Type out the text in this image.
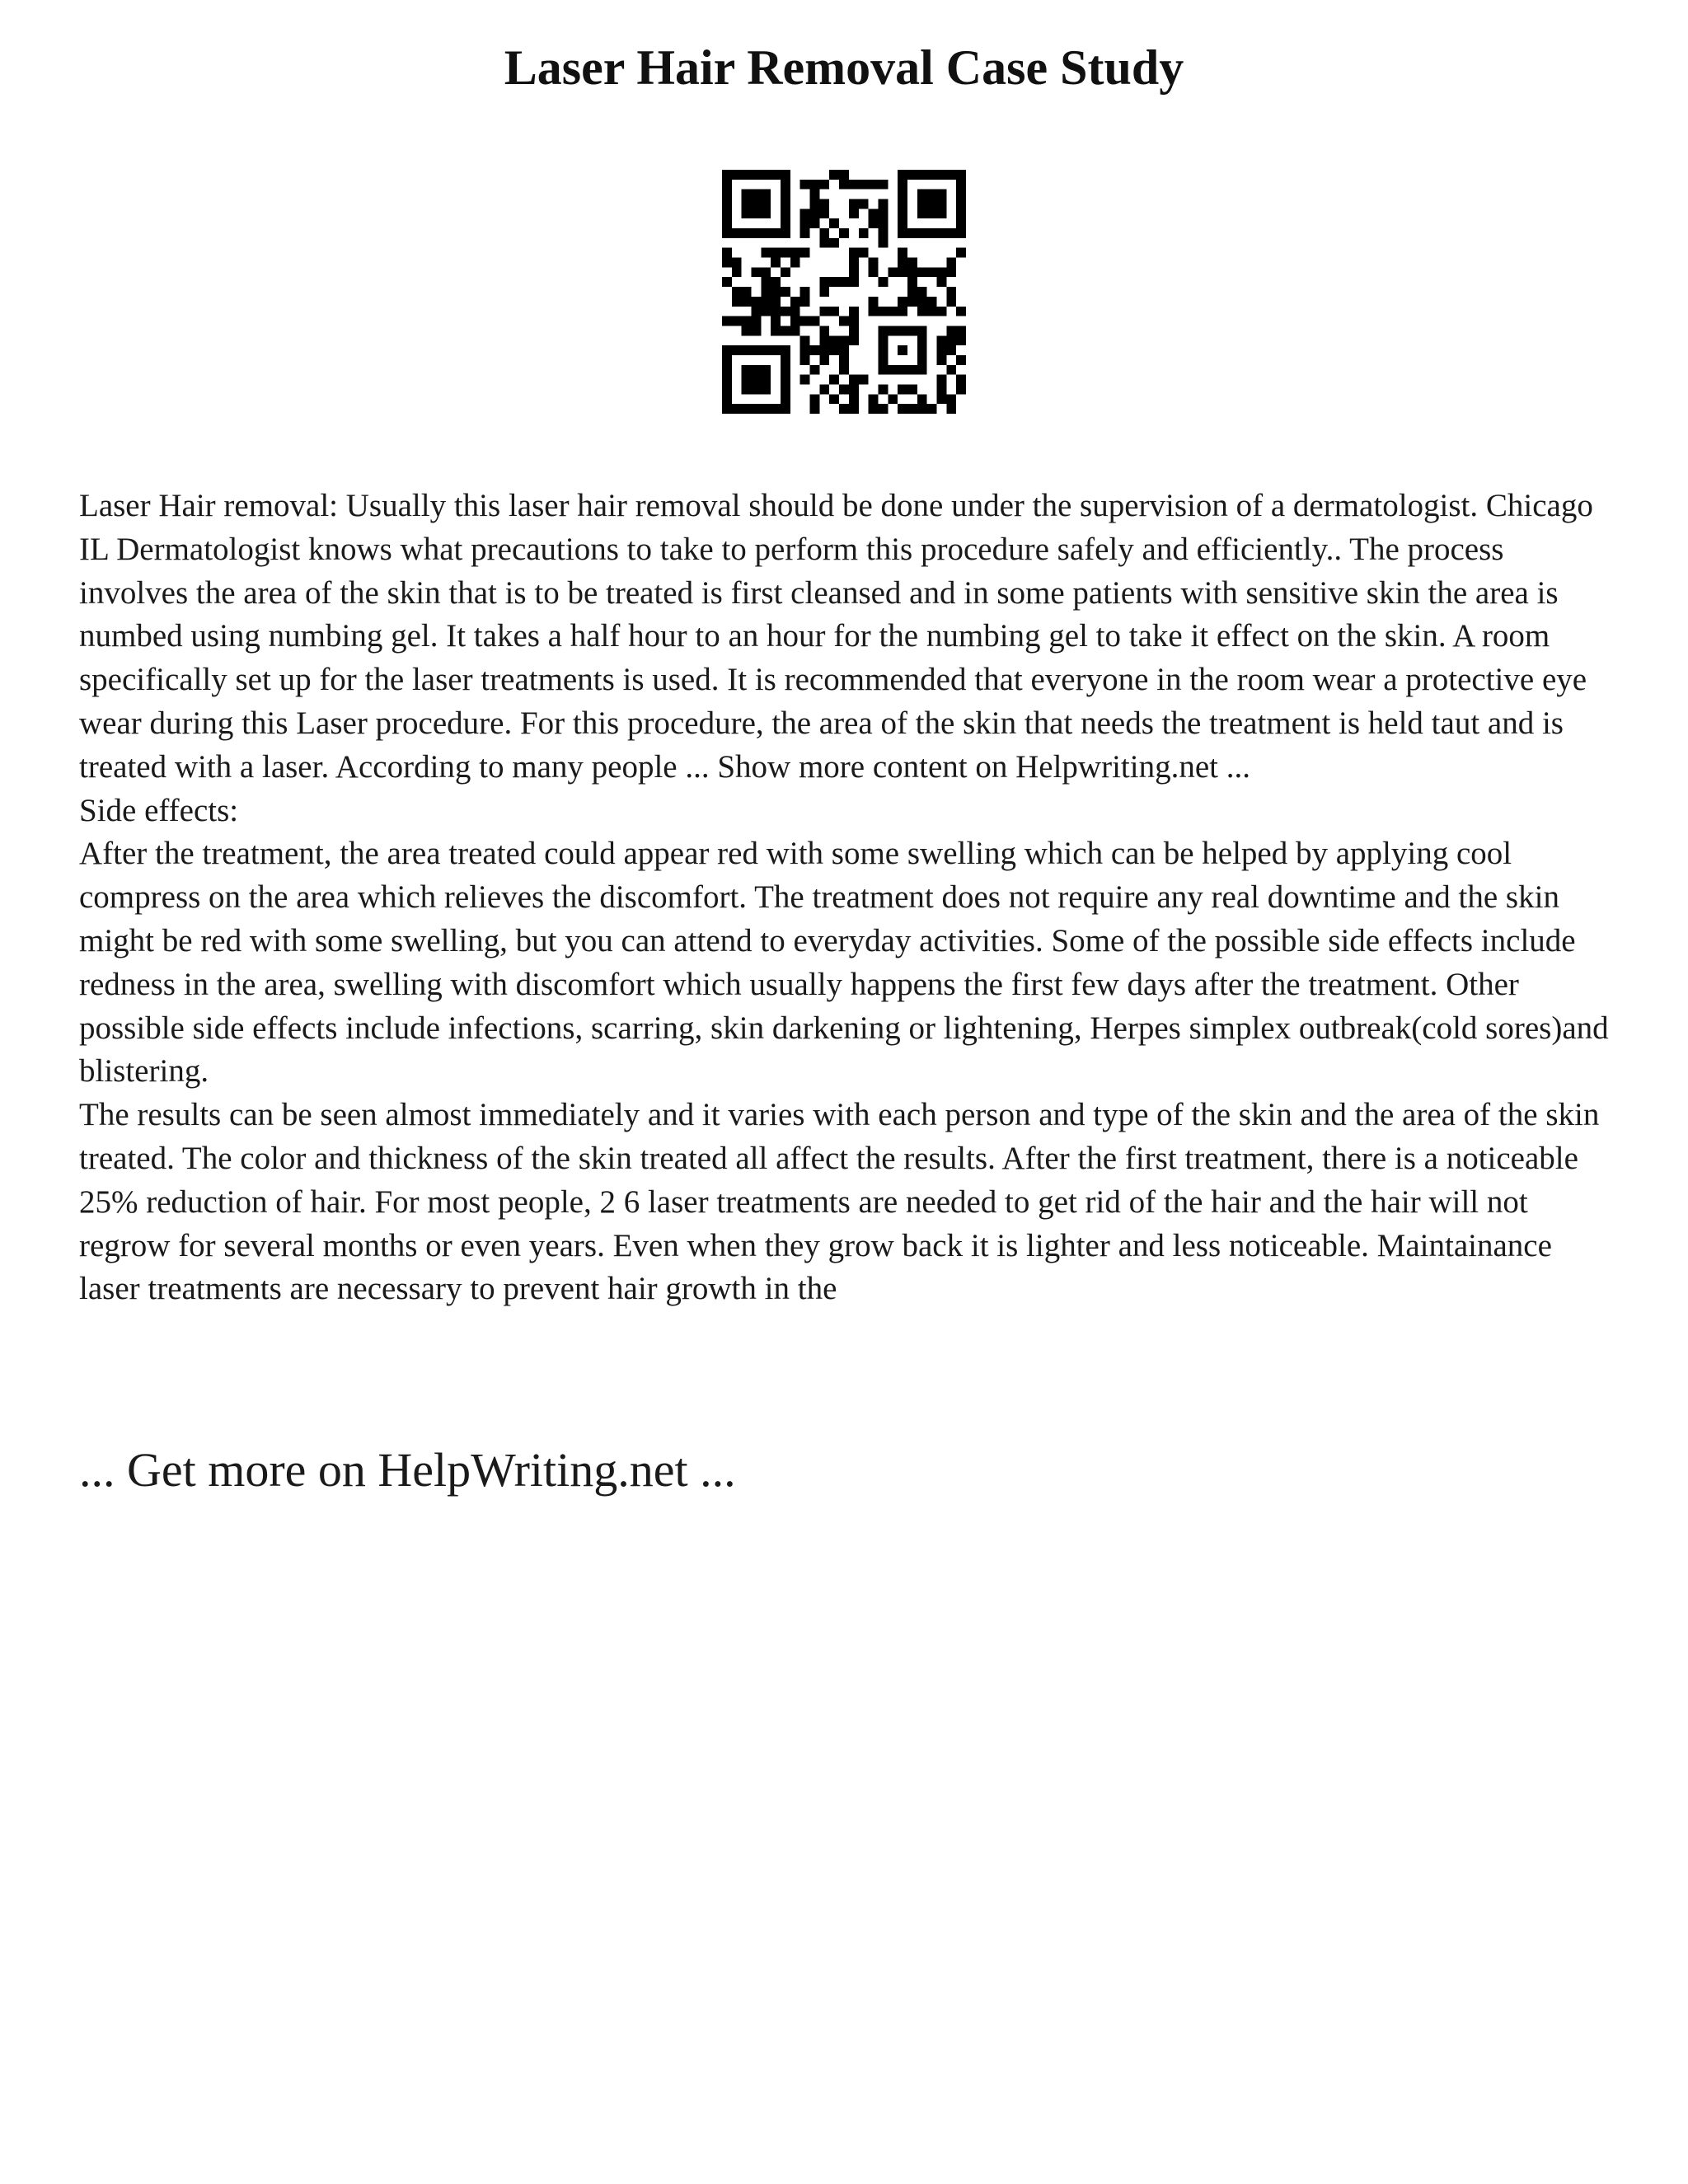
Laser Hair Removal Case Study

Laser Hair removal: Usually this laser hair removal should be done under the supervision of a dermatologist. Chicago IL Dermatologist knows what precautions to take to perform this procedure safely and efficiently.. The process involves the area of the skin that is to be treated is first cleansed and in some patients with sensitive skin the area is numbed using numbing gel. It takes a half hour to an hour for the numbing gel to take it effect on the skin. A room specifically set up for the laser treatments is used. It is recommended that everyone in the room wear a protective eye wear during this Laser procedure. For this procedure, the area of the skin that needs the treatment is held taut and is treated with a laser. According to many people ... Show more content on Helpwriting.net ...

Side effects:

After the treatment, the area treated could appear red with some swelling which can be helped by applying cool compress on the area which relieves the discomfort. The treatment does not require any real downtime and the skin might be red with some swelling, but you can attend to everyday activities. Some of the possible side effects include redness in the area, swelling with discomfort which usually happens the first few days after the treatment. Other possible side effects include infections, scarring, skin darkening or lightening, Herpes simplex outbreak(cold sores)and blistering.

The results can be seen almost immediately and it varies with each person and type of the skin and the area of the skin treated. The color and thickness of the skin treated all affect the results. After the first treatment, there is a noticeable 25% reduction of hair. For most people, 2 6 laser treatments are needed to get rid of the hair and the hair will not regrow for several months or even years. Even when they grow back it is lighter and less noticeable. Maintainance laser treatments are necessary to prevent hair growth in the

... Get more on HelpWriting.net ...
